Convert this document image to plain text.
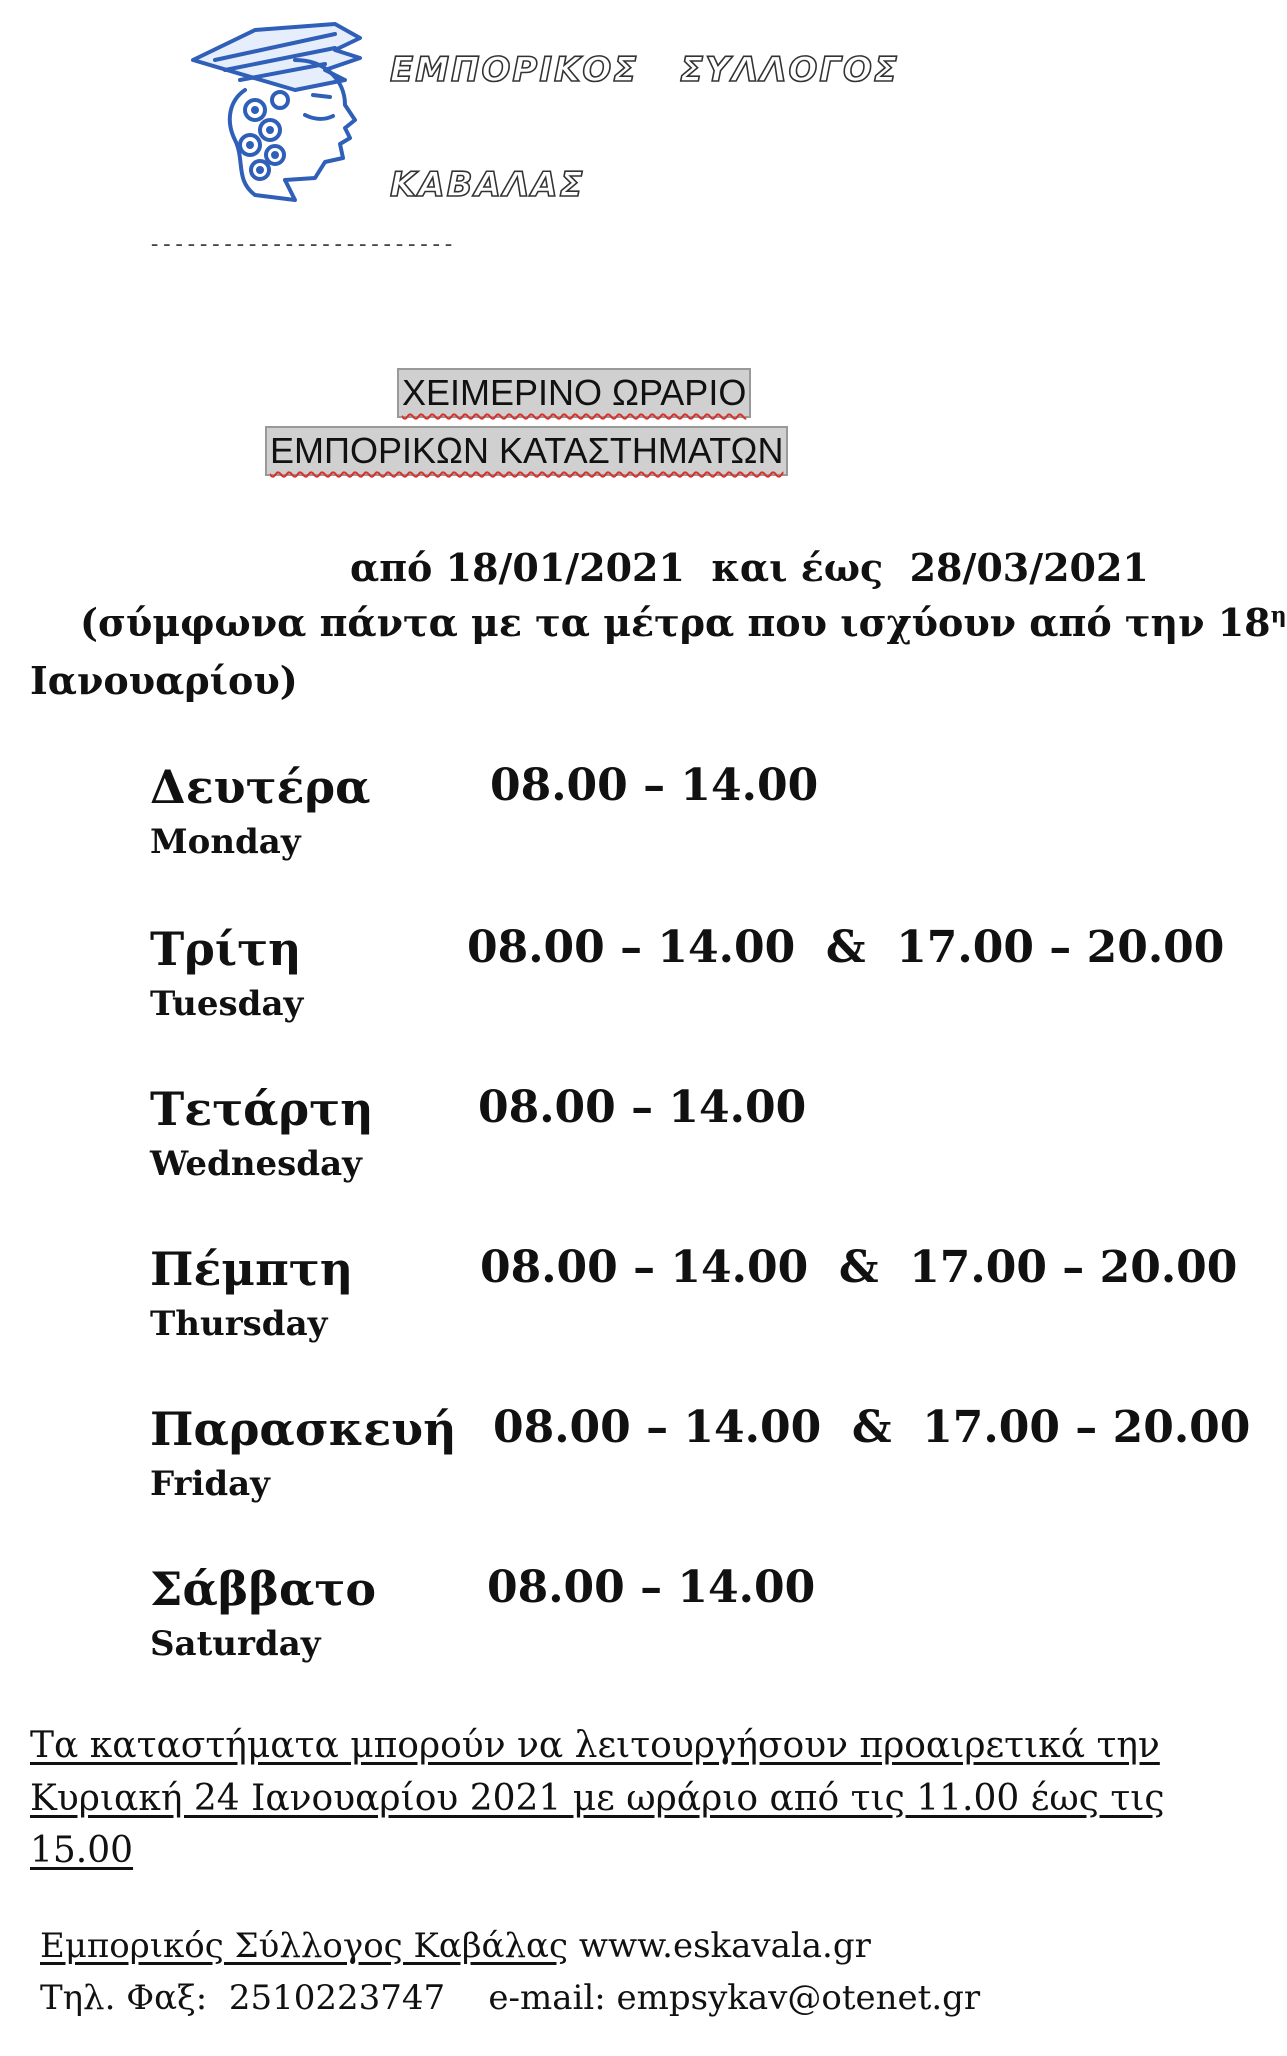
ΕΜΠΟΡΙΚΟΣ   ΣΥΛΛΟΓΟΣ
ΚΑΒΑΛΑΣ
-------------------------
ΧΕΙΜΕΡΙΝΟ ΩΡΑΡΙΟ
ΕΜΠΟΡΙΚΩΝ ΚΑΤΑΣΤΗΜΑΤΩΝ
από 18/01/2021  και έως  28/03/2021
(σύμφωνα πάντα με τα μέτρα που ισχύουν από την $18^\eta$
Ιανουαρίου)
Δευτέρα
Monday
08.00 – 14.00
Τρίτη
Tuesday
08.00 – 14.00  &  17.00 – 20.00
Τετάρτη
Wednesday
08.00 – 14.00
Πέμπτη
Thursday
08.00 – 14.00  &  17.00 – 20.00
Παρασκευή
Friday
08.00 – 14.00  &  17.00 – 20.00
Σάββατο
Saturday
08.00 – 14.00
Τα καταστήματα μπορούν να λειτουργήσουν προαιρετικά την
Κυριακή 24 Ιανουαρίου 2021 με ωράριο από τις 11.00 έως τις
15.00
Εμπορικός Σύλλογος Καβάλας www.eskavala.gr
Τηλ. Φαξ:  2510223747    e-mail: empsykav@otenet.gr
